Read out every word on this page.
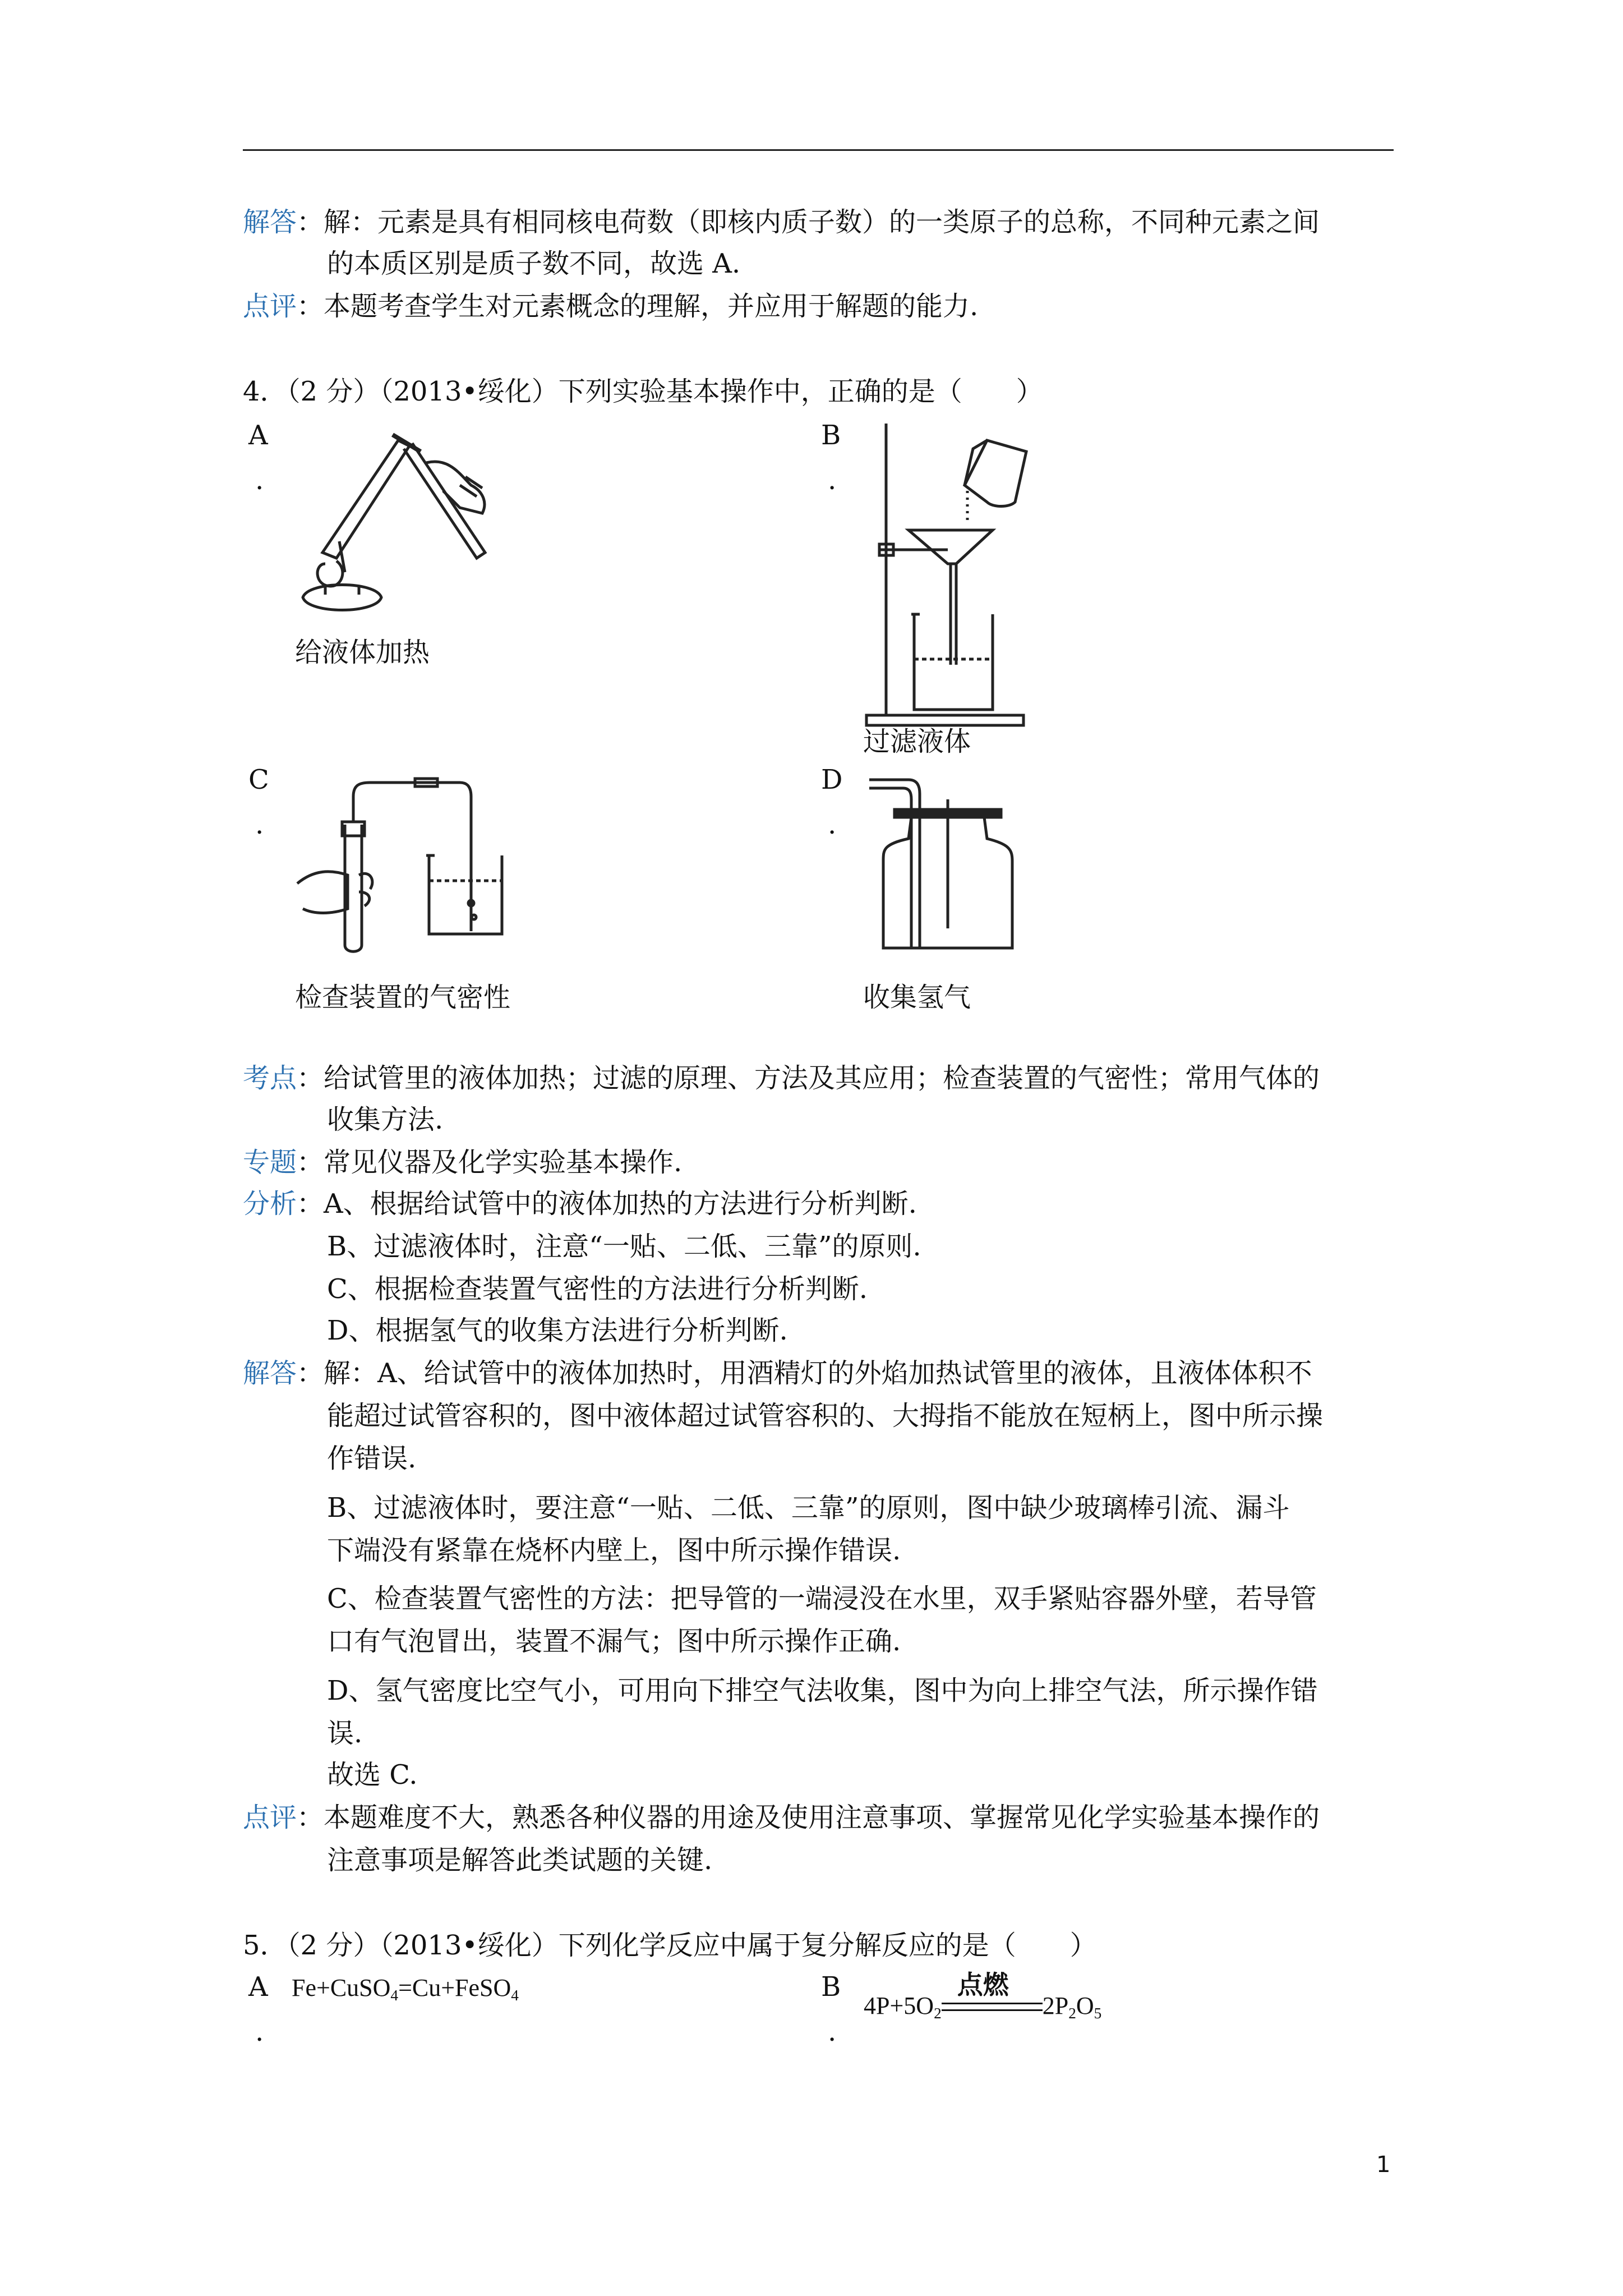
解答：解：元素是具有相同核电荷数（即核内质子数）的一类原子的总称，不同种元素之间
的本质区别是质子数不同，故选 A.
点评：本题考查学生对元素概念的理解，并应用于解题的能力.
4．（2 分）（2013•绥化）下列实验基本操作中，正确的是（　　）
A
.
给液体加热
B
.
过滤液体
C
.
检查装置的气密性
D
.
收集氢气
考点：给试管里的液体加热；过滤的原理、方法及其应用；检查装置的气密性；常用气体的
收集方法.
专题：常见仪器及化学实验基本操作.
分析：A、根据给试管中的液体加热的方法进行分析判断.
B、过滤液体时，注意“一贴、二低、三靠”的原则.
C、根据检查装置气密性的方法进行分析判断.
D、根据氢气的收集方法进行分析判断.
解答：解：A、给试管中的液体加热时，用酒精灯的外焰加热试管里的液体，且液体体积不
能超过试管容积的，图中液体超过试管容积的、大拇指不能放在短柄上，图中所示操
作错误.
B、过滤液体时，要注意“一贴、二低、三靠”的原则，图中缺少玻璃棒引流、漏斗
下端没有紧靠在烧杯内壁上，图中所示操作错误.
C、检查装置气密性的方法：把导管的一端浸没在水里，双手紧贴容器外壁，若导管
口有气泡冒出，装置不漏气；图中所示操作正确.
D、氢气密度比空气小，可用向下排空气法收集，图中为向上排空气法，所示操作错
误.
故选 C.
点评：本题难度不大，熟悉各种仪器的用途及使用注意事项、掌握常见化学实验基本操作的
注意事项是解答此类试题的关键.
5．（2 分）（2013•绥化）下列化学反应中属于复分解反应的是（　　）
A
.
Fe+CuSO$_4$=Cu+FeSO$_4$	B
.
$4P+5O_2$
点燃
$2P_2O_5$
1
